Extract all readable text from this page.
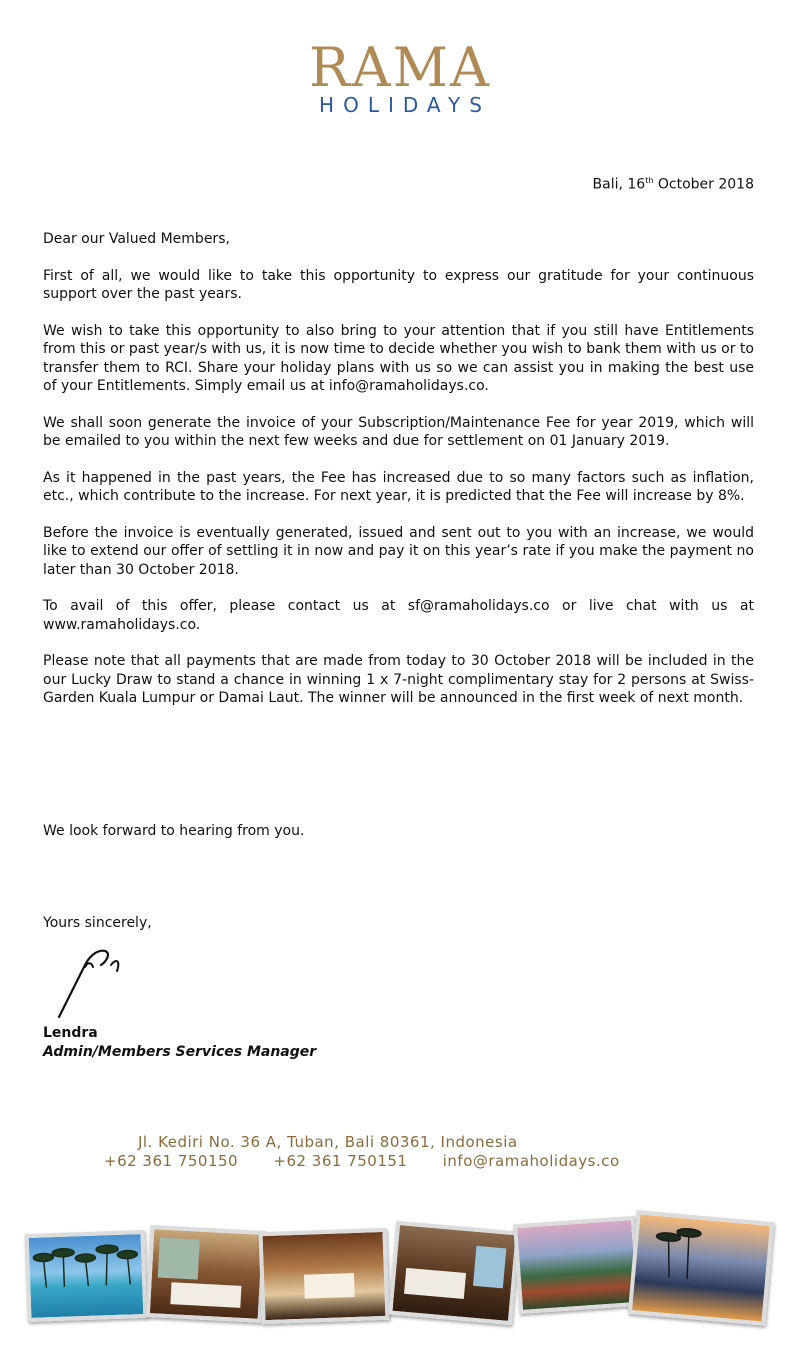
RAMA
HOLIDAYS
Bali, 16th October 2018

Dear our Valued Members,

First of all, we would like to take this opportunity to express our gratitude for your continuous support over the past years.

We wish to take this opportunity to also bring to your attention that if you still have Entitlements from this or past year/s with us, it is now time to decide whether you wish to bank them with us or to transfer them to RCI. Share your holiday plans with us so we can assist you in making the best use of your Entitlements. Simply email us at info@ramaholidays.co.

We shall soon generate the invoice of your Subscription/Maintenance Fee for year 2019, which will be emailed to you within the next few weeks and due for settlement on 01 January 2019.

As it happened in the past years, the Fee has increased due to so many factors such as inflation, etc., which contribute to the increase. For next year, it is predicted that the Fee will increase by 8%.

Before the invoice is eventually generated, issued and sent out to you with an increase, we would like to extend our offer of settling it in now and pay it on this year’s rate if you make the payment no later than 30 October 2018.

To avail of this offer, please contact us at sf@ramaholidays.co or live chat with us at www.ramaholidays.co.

Please note that all payments that are made from today to 30 October 2018 will be included in the our Lucky Draw to stand a chance in winning 1 x 7-night complimentary stay for 2 persons at Swiss-Garden Kuala Lumpur or Damai Laut. The winner will be announced in the first week of next month.

We look forward to hearing from you.
Yours sincerely,
Lendra
Admin/Members Services Manager
Jl. Kediri No. 36 A, Tuban, Bali 80361, Indonesia
+62 361 750150 +62 361 750151 info@ramaholidays.co
